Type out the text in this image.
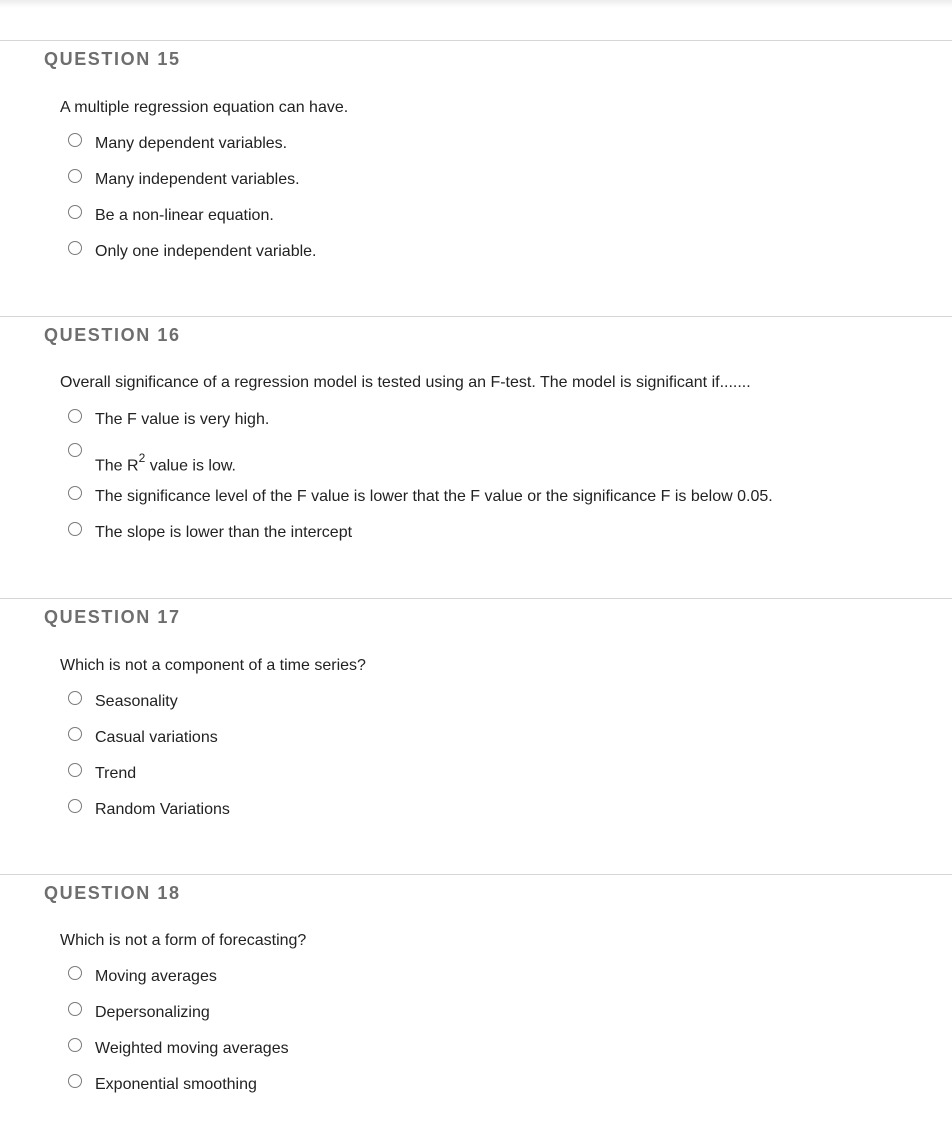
QUESTION 15
A multiple regression equation can have.
Many dependent variables.
Many independent variables.
Be a non-linear equation.
Only one independent variable.
QUESTION 16
Overall significance of a regression model is tested using an F-test. The model is significant if.......
The F value is very high.
The $R^2$ value is low.
The significance level of the F value is lower that the F value or the significance F is below 0.05.
The slope is lower than the intercept
QUESTION 17
Which is not a component of a time series?
Seasonality
Casual variations
Trend
Random Variations
QUESTION 18
Which is not a form of forecasting?
Moving averages
Depersonalizing
Weighted moving averages
Exponential smoothing
